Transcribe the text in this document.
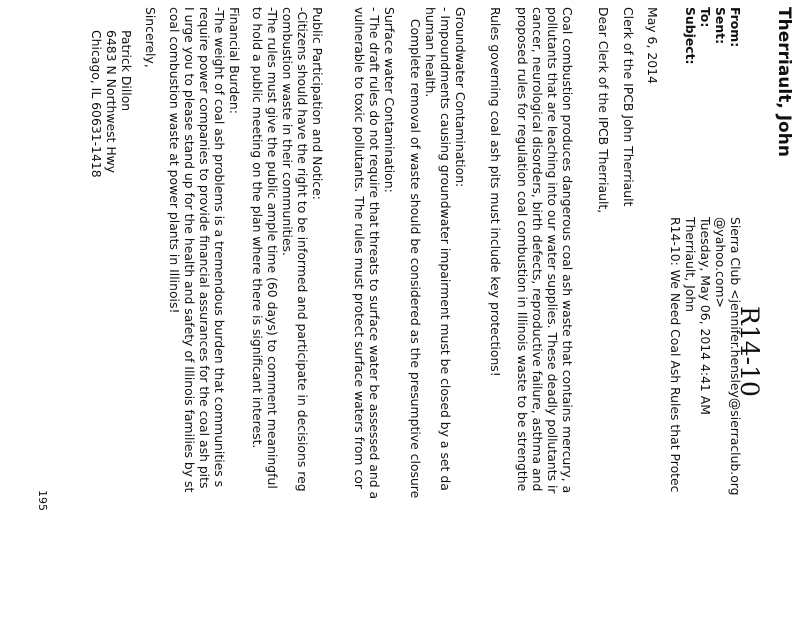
Therriault, John
R14-10
From:
Sent:
To:
Subject:
Sierra Club <jennifer.hensley@sierraclub.org
@yahoo.com>
Tuesday, May 06, 2014 4:41 AM
Therriault, John
R14-10: We Need Coal Ash Rules that Protec
May 6, 2014
Clerk of the IPCB John Therriault
Dear Clerk of the IPCB Therriault,
Coal combustion produces dangerous coal ash waste that contains mercury, a
pollutants that are leaching into our water supplies. These deadly pollutants ir
cancer, neurological disorders, birth defects, reproductive failure, asthma and
proposed rules for regulation coal combustion in Illinois waste to be strengthe
Rules governing coal ash pits must include key protections!
Groundwater Contamination:
- Impoundments causing groundwater impairment must be closed by a set da
human health.
Complete removal of waste should be considered as the presumptive closure
Surface water Contamination:
- The draft rules do not require that threats to surface water be assessed and a
vulnerable to toxic pollutants. The rules must protect surface waters from cor
Public Participation and Notice:
-Citizens should have the right to be informed and participate in decisions reg
combustion waste in their communities.
-The rules must give the public ample time (60 days) to comment meaningful
to hold a public meeting on the plan where there is significant interest.
Financial Burden:
-The weight of coal ash problems is a tremendous burden that communities s
require power companies to provide financial assurances for the coal ash pits
I urge you to please stand up for the health and safety of Illinois families by st
coal combustion waste at power plants in Illinois!
Sincerely,
Patrick Dillon
6483 N Northwest Hwy
Chicago, IL 60631-1418
195
